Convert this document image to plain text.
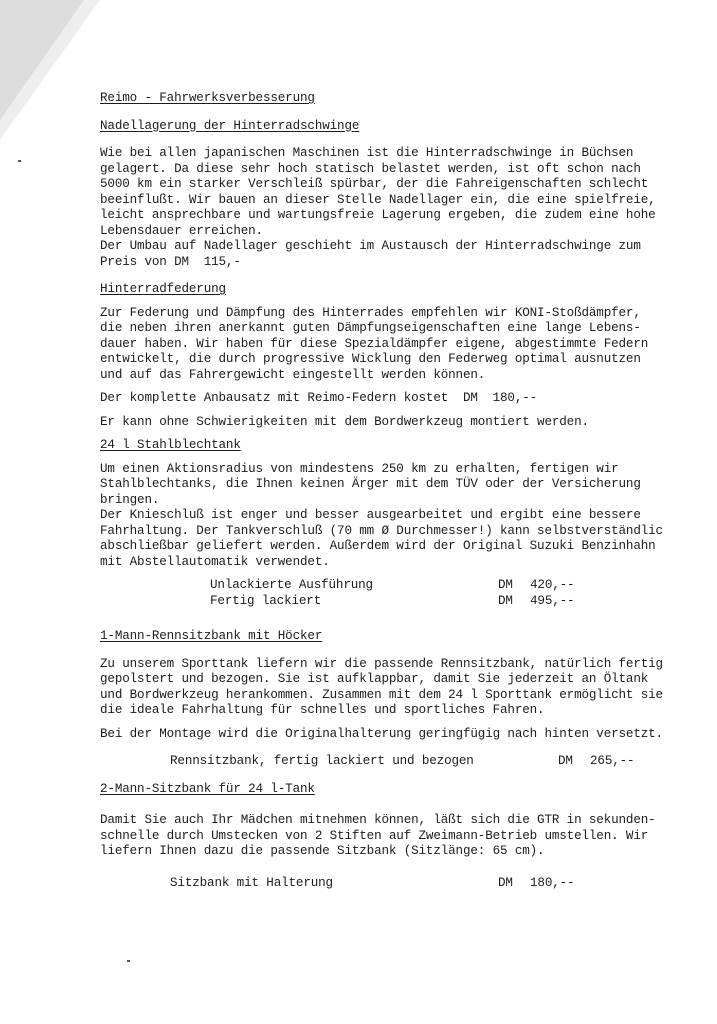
Reimo - Fahrwerksverbesserung

Nadellagerung der Hinterradschwinge

Wie bei allen japanischen Maschinen ist die Hinterradschwinge in Büchsen

gelagert. Da diese sehr hoch statisch belastet werden, ist oft schon nach

5000 km ein starker Verschleiß spürbar, der die Fahreigenschaften schlecht

beeinflußt. Wir bauen an dieser Stelle Nadellager ein, die eine spielfreie,

leicht ansprechbare und wartungsfreie Lagerung ergeben, die zudem eine hohe

Lebensdauer erreichen.

Der Umbau auf Nadellager geschieht im Austausch der Hinterradschwinge zum

Preis von DM  115,-

Hinterradfederung

Zur Federung und Dämpfung des Hinterrades empfehlen wir KONI-Stoßdämpfer,

die neben ihren anerkannt guten Dämpfungseigenschaften eine lange Lebens-

dauer haben. Wir haben für diese Spezialdämpfer eigene, abgestimmte Federn

entwickelt, die durch progressive Wicklung den Federweg optimal ausnutzen

und auf das Fahrergewicht eingestellt werden können.

Der komplette Anbausatz mit Reimo-Federn kostet  DM  180,--

Er kann ohne Schwierigkeiten mit dem Bordwerkzeug montiert werden.

24 l Stahlblechtank

Um einen Aktionsradius von mindestens 250 km zu erhalten, fertigen wir

Stahlblechtanks, die Ihnen keinen Ärger mit dem TÜV oder der Versicherung

bringen.

Der Knieschluß ist enger und besser ausgearbeitet und ergibt eine bessere

Fahrhaltung. Der Tankverschluß (70 mm Ø Durchmesser!) kann selbstverständlic

abschließbar geliefert werden. Außerdem wird der Original Suzuki Benzinhahn

mit Abstellautomatik verwendet.

Unlackierte Ausführung	DM	420,--
Fertig lackiert	DM	495,--

1-Mann-Rennsitzbank mit Höcker

Zu unserem Sporttank liefern wir die passende Rennsitzbank, natürlich fertig

gepolstert und bezogen. Sie ist aufklappbar, damit Sie jederzeit an Öltank

und Bordwerkzeug herankommen. Zusammen mit dem 24 l Sporttank ermöglicht sie

die ideale Fahrhaltung für schnelles und sportliches Fahren.

Bei der Montage wird die Originalhalterung geringfügig nach hinten versetzt.

Rennsitzbank, fertig lackiert und bezogen	DM	265,--

2-Mann-Sitzbank für 24 l-Tank

Damit Sie auch Ihr Mädchen mitnehmen können, läßt sich die GTR in sekunden-

schnelle durch Umstecken von 2 Stiften auf Zweimann-Betrieb umstellen. Wir

liefern Ihnen dazu die passende Sitzbank (Sitzlänge: 65 cm).

Sitzbank mit Halterung	DM	180,--
